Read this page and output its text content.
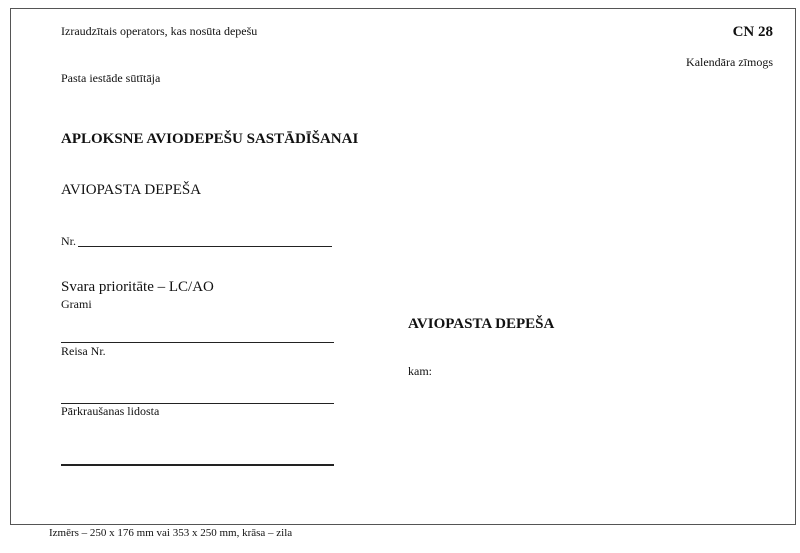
Izraudzītais operators, kas nosūta depešu	CN 28
Kalendāra zīmogs
Pasta iestāde sūtītāja
APLOKSNE AVIODEPEŠU SASTĀDĪŠANAI
AVIOPASTA DEPEŠA
Nr.
Svara prioritāte – LC/AO
Grami
Reisa Nr.
Pārkraušanas lidosta
AVIOPASTA DEPEŠA
kam:
Izmērs – 250 x 176 mm vai 353 x 250 mm, krāsa – zila
